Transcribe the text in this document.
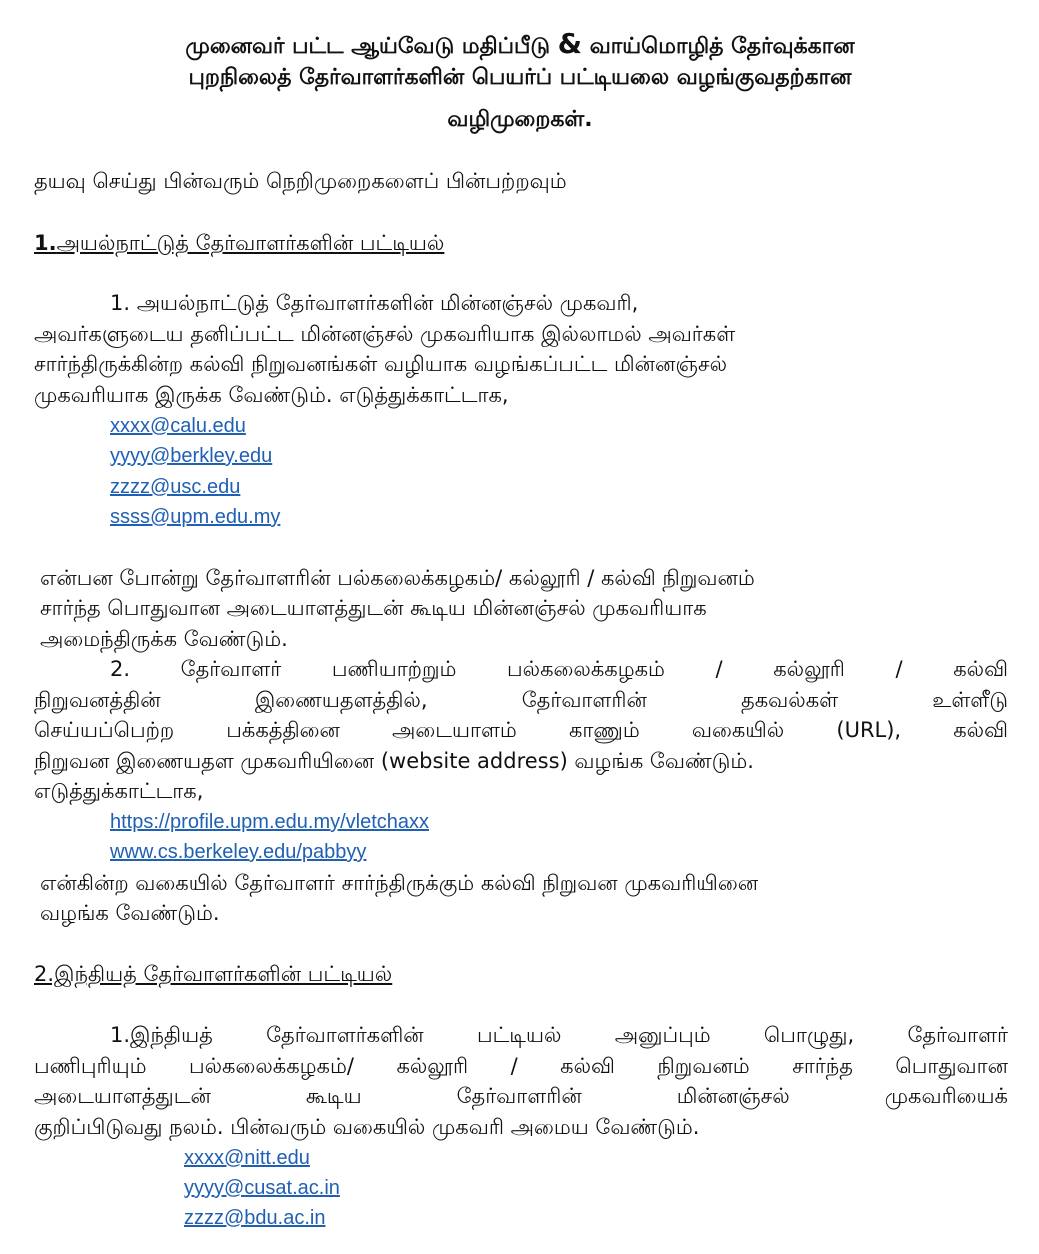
முனைவர் பட்ட ஆய்வேடு மதிப்பீடு & வாய்மொழித் தேர்வுக்கான
புறநிலைத் தேர்வாளர்களின் பெயர்ப் பட்டியலை வழங்குவதற்கான
வழிமுறைகள்.
தயவு செய்து பின்வரும் நெறிமுறைகளைப் பின்பற்றவும்
1.அயல்நாட்டுத் தேர்வாளர்களின் பட்டியல்
1. அயல்நாட்டுத் தேர்வாளர்களின் மின்னஞ்சல் முகவரி,
அவர்களுடைய தனிப்பட்ட மின்னஞ்சல் முகவரியாக இல்லாமல் அவர்கள்
சார்ந்திருக்கின்ற கல்வி நிறுவனங்கள் வழியாக வழங்கப்பட்ட மின்னஞ்சல்
முகவரியாக இருக்க வேண்டும். எடுத்துக்காட்டாக,
xxxx@calu.edu
yyyy@berkley.edu
zzzz@usc.edu
ssss@upm.edu.my
என்பன போன்று தேர்வாளரின் பல்கலைக்கழகம்/ கல்லூரி / கல்வி நிறுவனம்
சார்ந்த பொதுவான அடையாளத்துடன் கூடிய மின்னஞ்சல் முகவரியாக
அமைந்திருக்க வேண்டும்.
2. தேர்வாளர் பணியாற்றும் பல்கலைக்கழகம் / கல்லூரி / கல்வி
நிறுவனத்தின் இணையதளத்தில், தேர்வாளரின் தகவல்கள் உள்ளீடு
செய்யப்பெற்ற பக்கத்தினை அடையாளம் காணும் வகையில் (URL), கல்வி
நிறுவன இணையதள முகவரியினை (website address) வழங்க வேண்டும்.
எடுத்துக்காட்டாக,
https://profile.upm.edu.my/vletchaxx
www.cs.berkeley.edu/pabbyy
என்கின்ற வகையில் தேர்வாளர் சார்ந்திருக்கும் கல்வி நிறுவன முகவரியினை
வழங்க வேண்டும்.
2.இந்தியத் தேர்வாளர்களின் பட்டியல்
1.இந்தியத் தேர்வாளர்களின் பட்டியல் அனுப்பும் பொழுது, தேர்வாளர்
பணிபுரியும் பல்கலைக்கழகம்/ கல்லூரி / கல்வி நிறுவனம் சார்ந்த பொதுவான
அடையாளத்துடன் கூடிய தேர்வாளரின் மின்னஞ்சல் முகவரியைக்
குறிப்பிடுவது நலம். பின்வரும் வகையில் முகவரி அமைய வேண்டும்.
xxxx@nitt.edu
yyyy@cusat.ac.in
zzzz@bdu.ac.in
